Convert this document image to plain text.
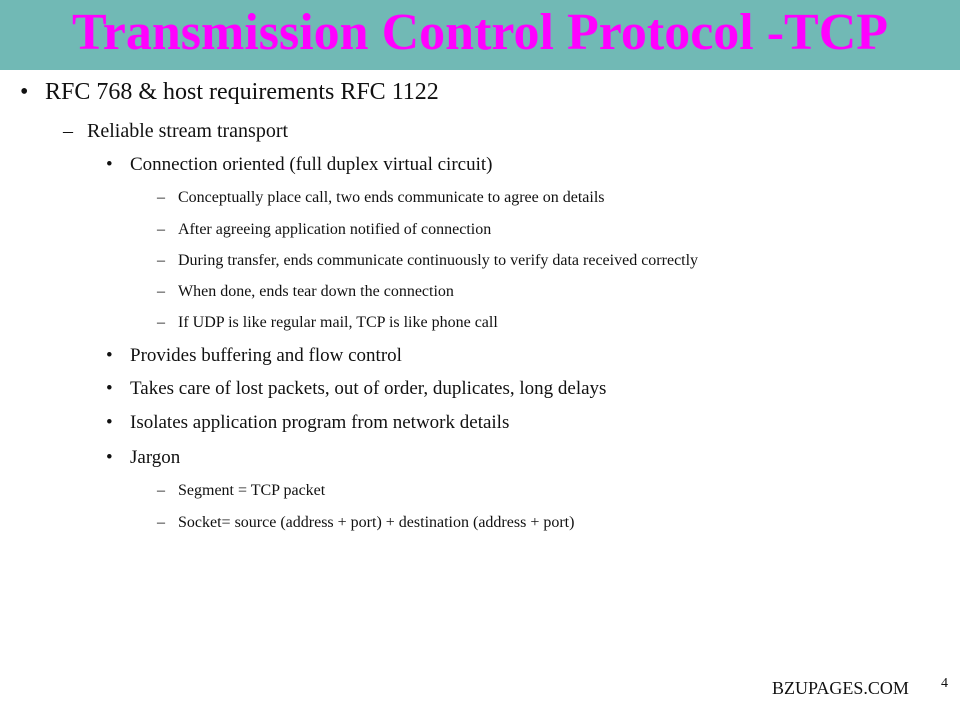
Transmission Control Protocol -TCP
• RFC 768 & host requirements RFC 1122
– Reliable stream transport
• Connection oriented (full duplex virtual circuit)
– Conceptually place call, two ends communicate to agree on details
– After agreeing application notified of connection
– During transfer, ends communicate continuously to verify data received correctly
– When done, ends tear down the connection
– If UDP is like regular mail, TCP is like phone call
• Provides buffering and flow control
• Takes care of lost packets, out of order, duplicates, long delays
• Isolates application program from network details
• Jargon
– Segment = TCP packet
– Socket= source (address + port) + destination (address + port)
BZUPAGES.COM 4
